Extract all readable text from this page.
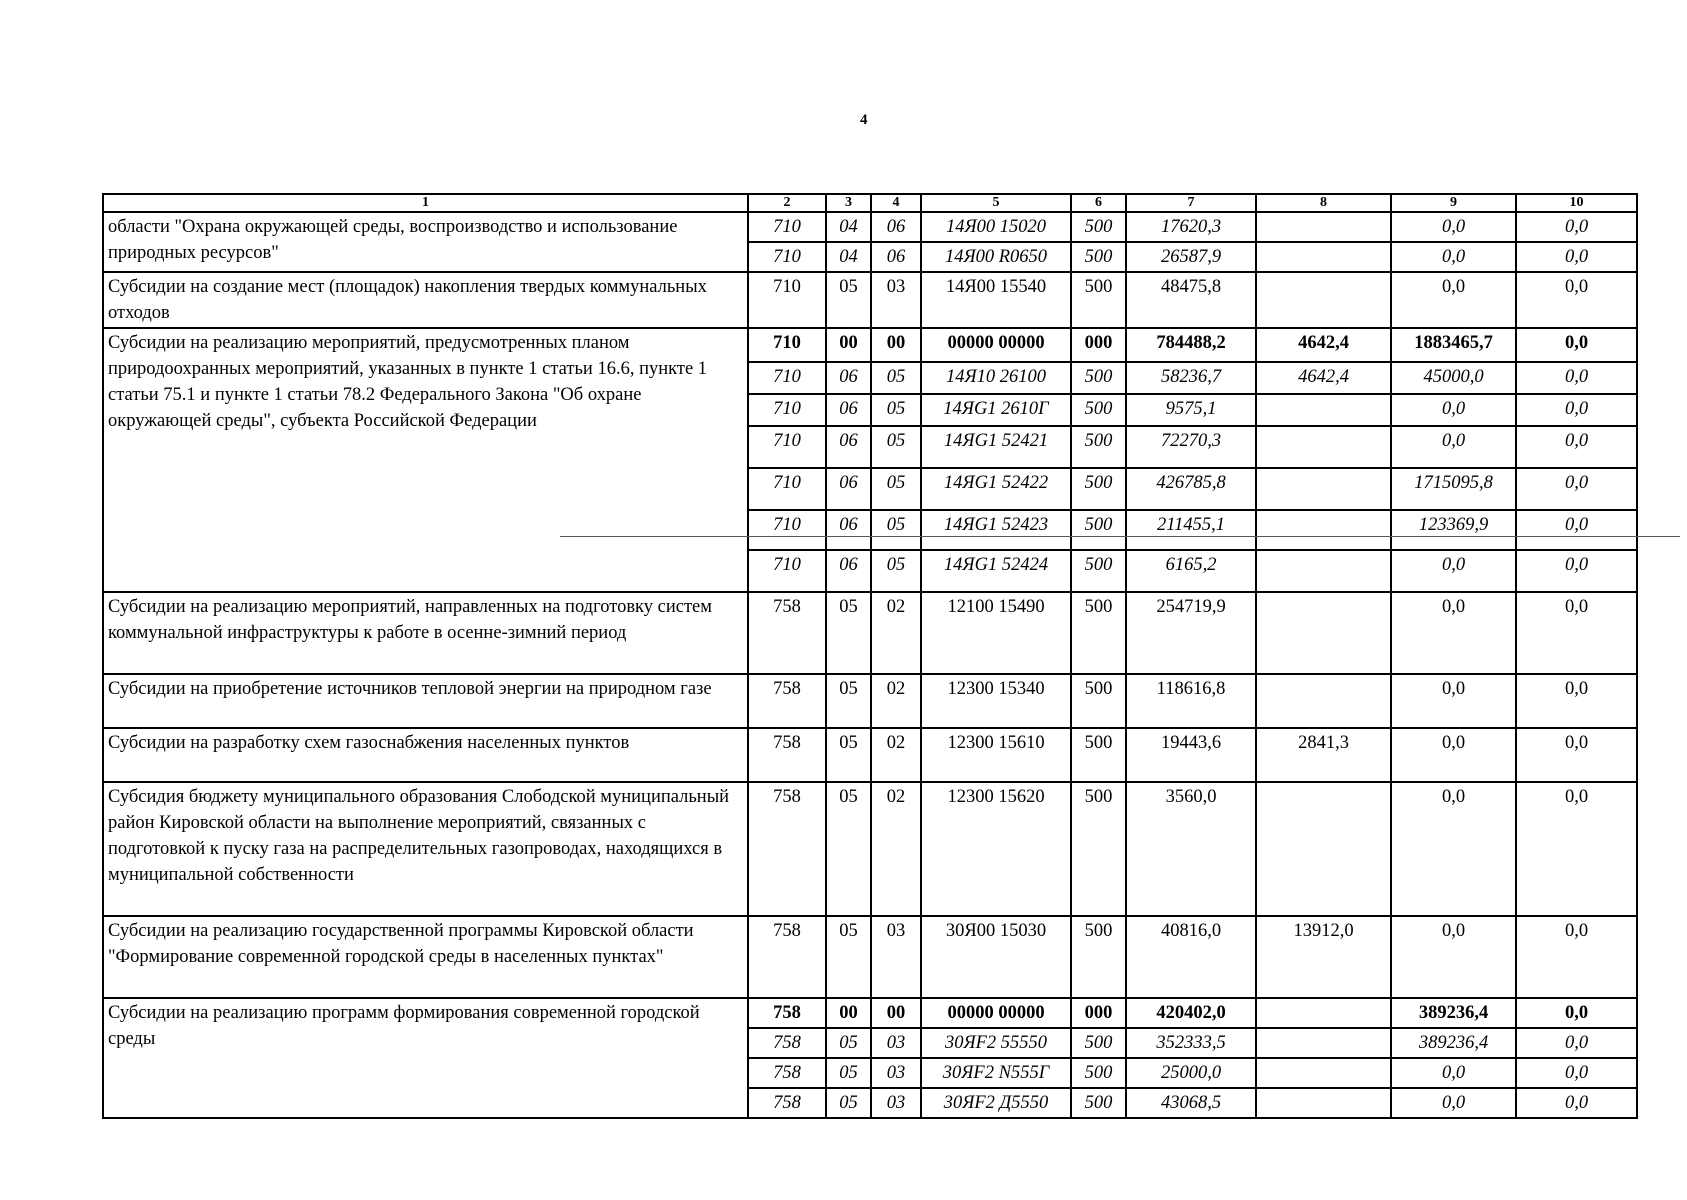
4
1	2	3	4	5	6	7	8	9	10
области "Охрана окружающей среды, воспроизводство и использование природных ресурсов"	710	04	06	14Я00 15020	500	17620,3		0,0	0,0
	710	04	06	14Я00 R0650	500	26587,9		0,0	0,0
Субсидии на создание мест (площадок) накопления твердых коммунальных отходов	710	05	03	14Я00 15540	500	48475,8		0,0	0,0
Субсидии на реализацию мероприятий, предусмотренных планом природоохранных мероприятий, указанных в пункте 1 статьи 16.6, пункте 1 статьи 75.1 и пункте 1 статьи 78.2 Федерального Закона "Об охране окружающей среды", субъекта Российской Федерации	710	00	00	00000 00000	000	784488,2	4642,4	1883465,7	0,0
	710	06	05	14Я10 26100	500	58236,7	4642,4	45000,0	0,0
	710	06	05	14ЯG1 2610Г	500	9575,1		0,0	0,0
	710	06	05	14ЯG1 52421	500	72270,3		0,0	0,0
	710	06	05	14ЯG1 52422	500	426785,8		1715095,8	0,0
	710	06	05	14ЯG1 52423	500	211455,1		123369,9	0,0
	710	06	05	14ЯG1 52424	500	6165,2		0,0	0,0
Субсидии на реализацию мероприятий, направленных на подготовку систем коммунальной инфраструктуры к работе в осенне-зимний период	758	05	02	12100 15490	500	254719,9		0,0	0,0
Субсидии на приобретение источников тепловой энергии на природном газе	758	05	02	12300 15340	500	118616,8		0,0	0,0
Субсидии на разработку схем газоснабжения населенных пунктов	758	05	02	12300 15610	500	19443,6	2841,3	0,0	0,0
Субсидия бюджету муниципального образования Слободской муниципальный район Кировской области на выполнение мероприятий, связанных с подготовкой к пуску газа на распределительных газопроводах, находящихся в муниципальной собственности	758	05	02	12300 15620	500	3560,0		0,0	0,0
Субсидии на реализацию государственной программы Кировской области "Формирование современной городской среды в населенных пунктах"	758	05	03	30Я00 15030	500	40816,0	13912,0	0,0	0,0
Субсидии на реализацию программ формирования современной городской среды	758	00	00	00000 00000	000	420402,0		389236,4	0,0
	758	05	03	30ЯF2 55550	500	352333,5		389236,4	0,0
	758	05	03	30ЯF2 N555Г	500	25000,0		0,0	0,0
	758	05	03	30ЯF2 Д5550	500	43068,5		0,0	0,0
